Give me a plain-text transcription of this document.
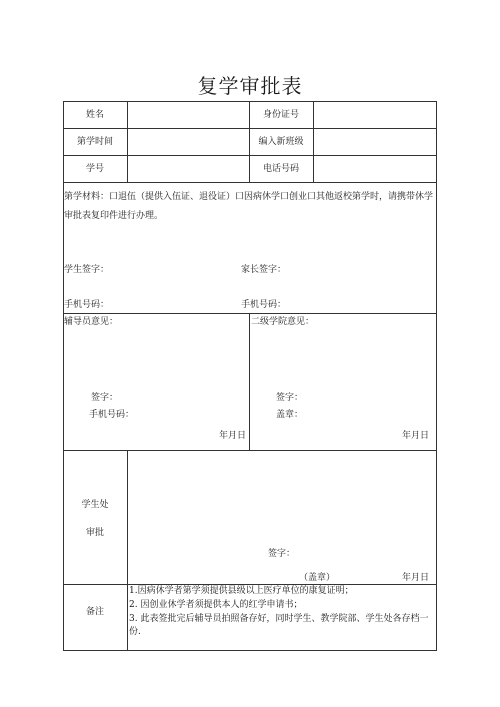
复学审批表
姓名	身份证号
第学时间	编入新班级
学号	电话号码
第学材料：口退伍（提供入伍证、退役证）口因病休学口创业口其他返校第学时，请携带休学审批表复印件进行办理。
学生签字：	家长签字：
手机号码：	手机号码：
辅导员意见：
签字：
手机号码：
年月日
二级学院意见：
签字：
盖章：
年月日
学生处
审批
签字：
（盖章）	年月日
备注
1.因病休学者第学须提供县级以上医疗单位的康复证明；
2. 因创业休学者须提供本人的红学申请书；
3. 此表签批完后辅导员拍照备存好，同时学生、教学院部、学生处各存档一份.
